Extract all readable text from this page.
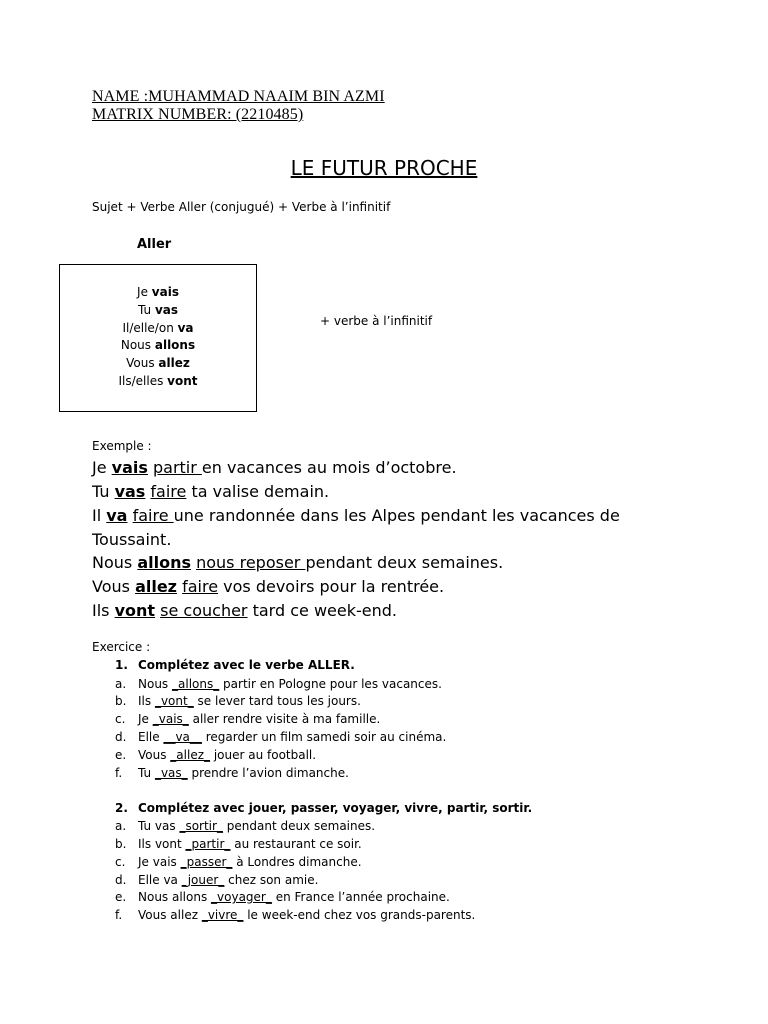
NAME :MUHAMMAD NAAIM BIN AZMI
MATRIX NUMBER: (2210485)
LE FUTUR PROCHE
Sujet + Verbe Aller (conjugué) + Verbe à l’infinitif
Aller
Je vais
Tu vas
Il/elle/on va
Nous allons
Vous allez
Ils/elles vont
+ verbe à l’infinitif
Exemple :
Je vais partir en vacances au mois d’octobre.
Tu vas faire ta valise demain.
Il va faire une randonnée dans les Alpes pendant les vacances de
Toussaint.
Nous allons nous reposer pendant deux semaines.
Vous allez faire vos devoirs pour la rentrée.
Ils vont se coucher tard ce week-end.
Exercice :
1. Complétez avec le verbe ALLER.
a. Nous _allons_ partir en Pologne pour les vacances.
b. Ils _vont_ se lever tard tous les jours.
c. Je _vais_ aller rendre visite à ma famille.
d. Elle __va__ regarder un film samedi soir au cinéma.
e. Vous _allez_ jouer au football.
f. Tu _vas_ prendre l’avion dimanche.
2. Complétez avec jouer, passer, voyager, vivre, partir, sortir.
a. Tu vas _sortir_ pendant deux semaines.
b. Ils vont _partir_ au restaurant ce soir.
c. Je vais _passer_ à Londres dimanche.
d. Elle va _jouer_ chez son amie.
e. Nous allons _voyager_ en France l’année prochaine.
f. Vous allez _vivre_ le week-end chez vos grands-parents.
